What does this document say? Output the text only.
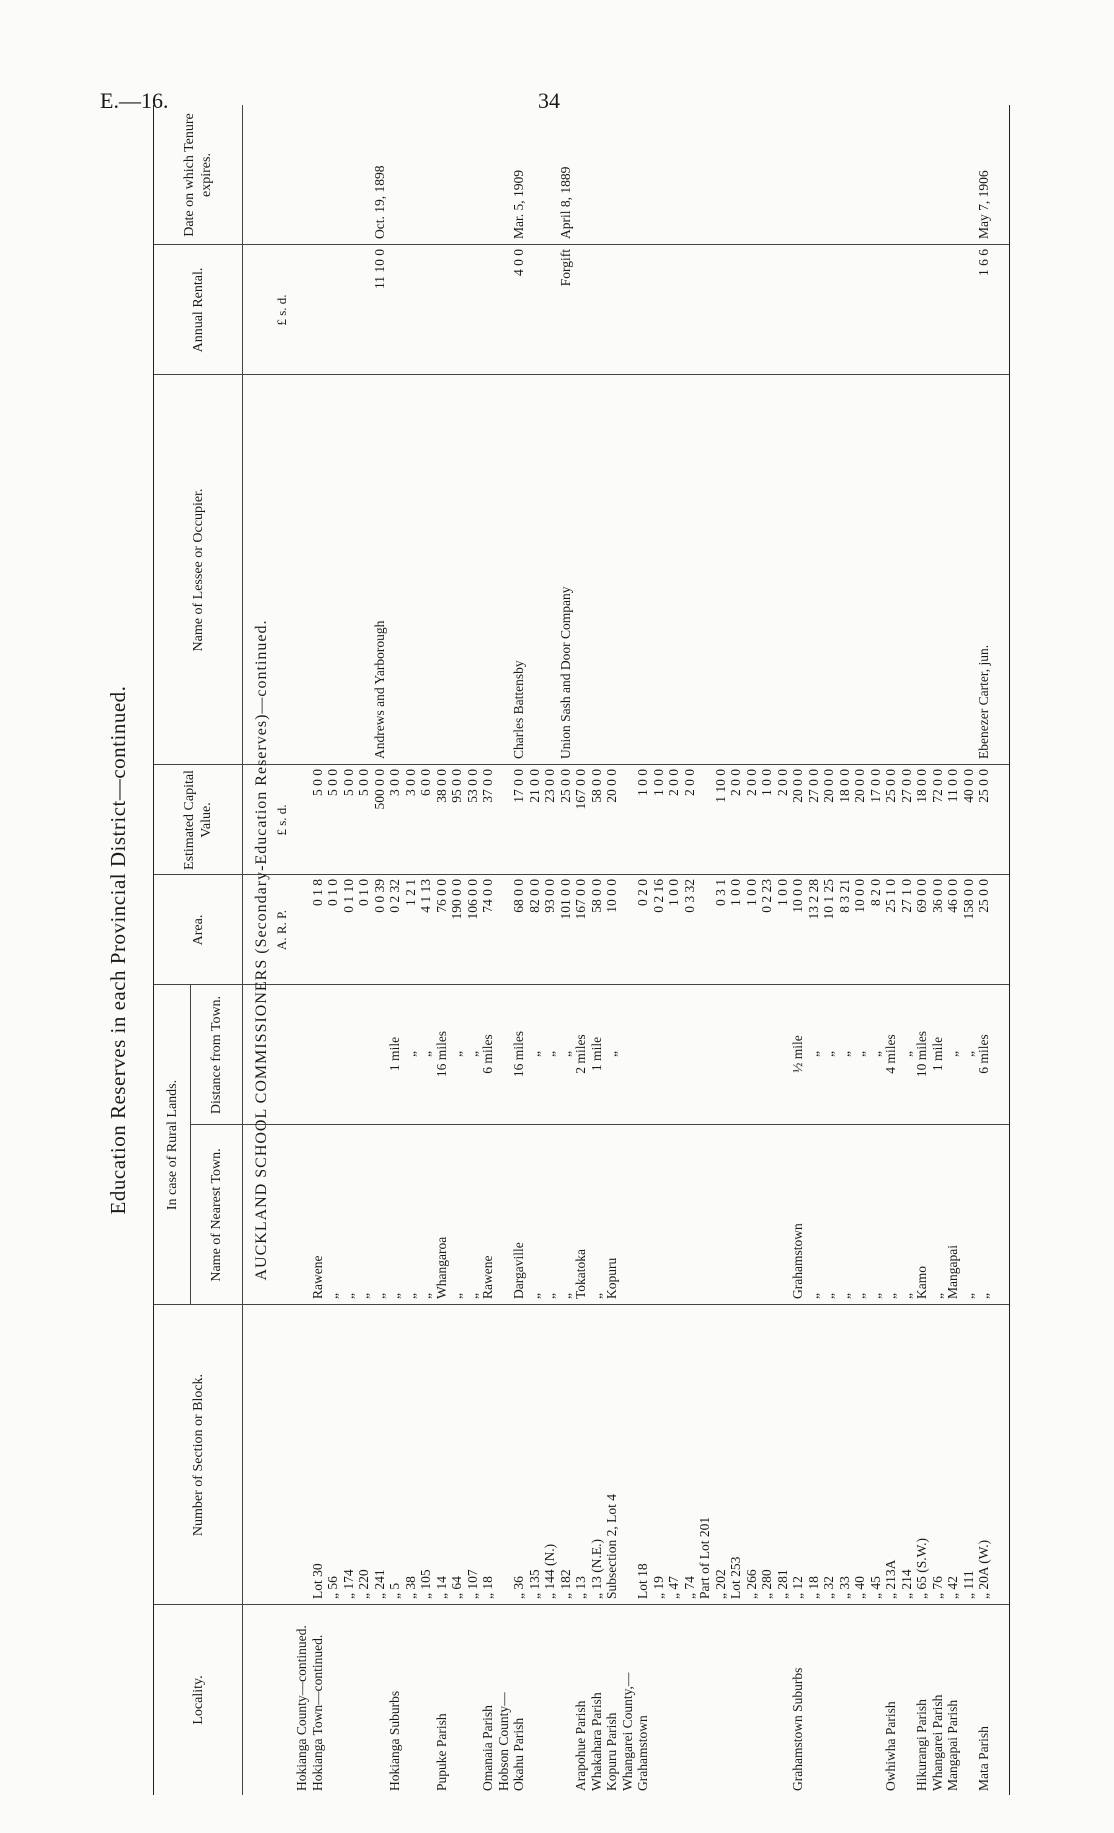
E.—16.	34
Education Reserves in each Provincial District—continued.
Locality.
Number of Section or Block.
In case of Rural Lands.
Name of Nearest Town.
Distance from Town.
Area.
Estimated Capital Value.
Name of Lessee or Occupier.
Annual Rental.
Date on which Tenure expires.
AUCKLAND SCHOOL COMMISSIONERS (Secondary-Education Reserves)—continued. A. R. P.
£ s. d.
£ s. d.
Hokianga County—continued. Hokianga Town—continued.
Lot 30
Rawene
0 1 8
5 0 0
„ 56
„
0 1 0
5 0 0
„ 174
„
0 1 10
5 0 0
„ 220
„
0 1 0
5 0 0
„ 241
„
0 0 39
500 0 0
Andrews and Yarborough
11 10 0
Oct. 19, 1898
Hokianga Suburbs
„ 5
„
1 mile
0 2 32
3 0 0
„ 38
„
„
1 2 1
3 0 0
„ 105
„
„
4 1 13
6 0 0
Pupuke Parish
„ 14
Whangaroa
16 miles
76 0 0
38 0 0
„ 64
„
„
190 0 0
95 0 0
„ 107
„
„
106 0 0
53 0 0
Omanaia Parish
„ 18
Rawene
6 miles
74 0 0
37 0 0
Hobson County— Okahu Parish
„ 36
Dargaville
16 miles
68 0 0
17 0 0
Charles Battensby
4 0 0
Mar. 5, 1909
„ 135
„
„
82 0 0
21 0 0
„ 144 (N.)
„
„
93 0 0
23 0 0
„ 182
„
„
101 0 0
25 0 0
Union Sash and Door Company
Forgift
April 8, 1889
Arapohue Parish
„ 13
Tokatoka
2 miles
167 0 0
167 0 0
Whakahara Parish
„ 13 (N.E.)
„
1 mile
58 0 0
58 0 0
Kopuru Parish
Subsection 2, Lot 4
Kopuru
„
10 0 0
20 0 0
Whangarei County,— Grahamstown
Lot 18
0 2 0
1 0 0
„ 19
0 2 16
1 0 0
„ 47
1 0 0
2 0 0
„ 74
0 3 32
2 0 0
Part of Lot 201 „ 202
0 3 1
1 10 0
Lot 253
1 0 0
2 0 0
„ 266
1 0 0
2 0 0
„ 280
0 2 23
1 0 0
„ 281
1 0 0
2 0 0
Grahamstown Suburbs
„ 12
Grahamstown
½ mile
10 0 0
20 0 0
„ 18
„
„
13 2 28
27 0 0
„ 32
„
„
10 1 25
20 0 0
„ 33
„
„
8 3 21
18 0 0
„ 40
„
„
10 0 0
20 0 0
„ 45
„
„
8 2 0
17 0 0
Owhiwha Parish
„ 213A
„
4 miles
25 1 0
25 0 0
„ 214
„
„
27 1 0
27 0 0
Hikurangi Parish
„ 65 (S.W.)
Kamo
10 miles
69 0 0
18 0 0
Whangarei Parish
„ 76
„
1 mile
36 0 0
72 0 0
Mangapai Parish
„ 42
Mangapai
„
46 0 0
11 0 0
„ 111
„
„
158 0 0
40 0 0
Mata Parish
„ 20A (W.)
„
6 miles
25 0 0
25 0 0
Ebenezer Carter, jun.
1 6 6
May 7, 1906
